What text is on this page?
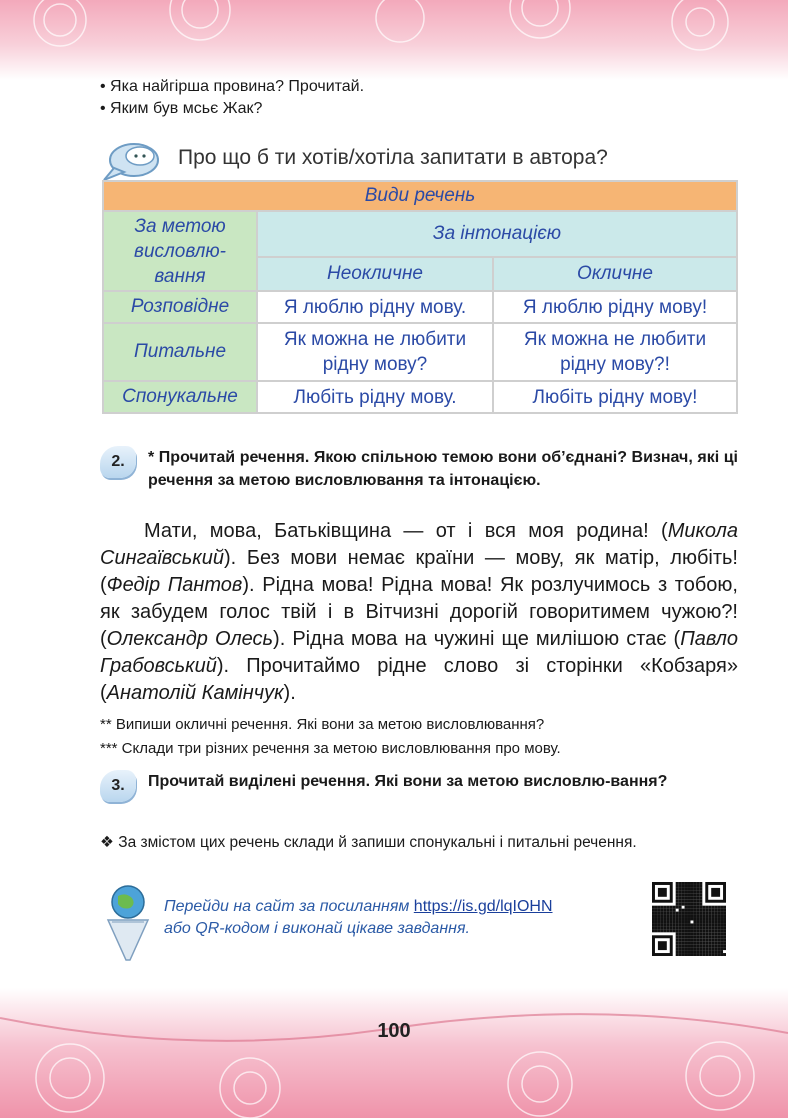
• Яка найгірша провина? Прочитай.
• Яким був мсьє Жак?
Про що б ти хотів/хотіла запитати в автора?
Види речень		
За метою висловлю-вання	За інтонацією	
	Неокличне	Окличне
Розповідне	Я люблю рідну мову.	Я люблю рідну мову!
Питальне	Як можна не любити рідну мову?	Як можна не любити рідну мову?!
Спонукальне	Любіть рідну мову.	Любіть рідну мову!
2.	* Прочитай речення. Якою спільною темою вони об’єднані? Визнач, які ці речення за метою висловлювання та інтонацією.
Мати, мова, Батьківщина — от і вся моя родина! (Микола Сингаївський). Без мови немає країни — мову, як матір, любіть! (Федір Пантов). Рідна мова! Рідна мова! Як розлучимось з тобою, як забудем голос твій і в Вітчизні дорогій говоритимем чужою?! (Олександр Олесь). Рідна мова на чужині ще милішою стає (Павло Грабовський). Прочитаймо рідне слово зі сторінки «Кобзаря» (Анатолій Камінчук).
** Випиши окличні речення. Які вони за метою висловлювання?
*** Склади три різних речення за метою висловлювання про мову.
3.	Прочитай виділені речення. Які вони за метою висловлю-вання?
❖ За змістом цих речень склади й запиши спонукальні і питальні речення.
Перейди на сайт за посиланням https://is.gd/lqIOHN
або QR-кодом і виконай цікаве завдання.
100
